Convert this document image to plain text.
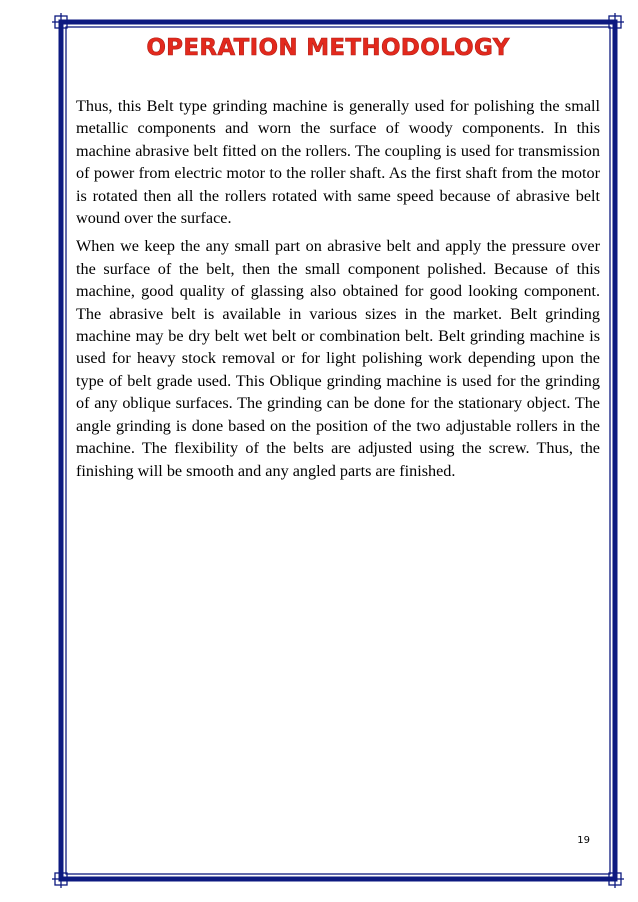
OPERATION METHODOLOGY

Thus, this Belt type grinding machine is generally used for polishing the small metallic components and worn the surface of woody components. In this machine abrasive belt fitted on the rollers. The coupling is used for transmission of power from electric motor to the roller shaft. As the first shaft from the motor is rotated then all the rollers rotated with same speed because of abrasive belt wound over the surface.

When we keep the any small part on abrasive belt and apply the pressure over the surface of the belt, then the small component polished. Because of this machine, good quality of glassing also obtained for good looking component. The abrasive belt is available in various sizes in the market. Belt grinding machine may be dry belt wet belt or combination belt. Belt grinding machine is used for heavy stock removal or for light polishing work depending upon the type of belt grade used. This Oblique grinding machine is used for the grinding of any oblique surfaces. The grinding can be done for the stationary object. The angle grinding is done based on the position of the two adjustable rollers in the machine. The flexibility of the belts are adjusted using the screw. Thus, the finishing will be smooth and any angled parts are finished.

19
